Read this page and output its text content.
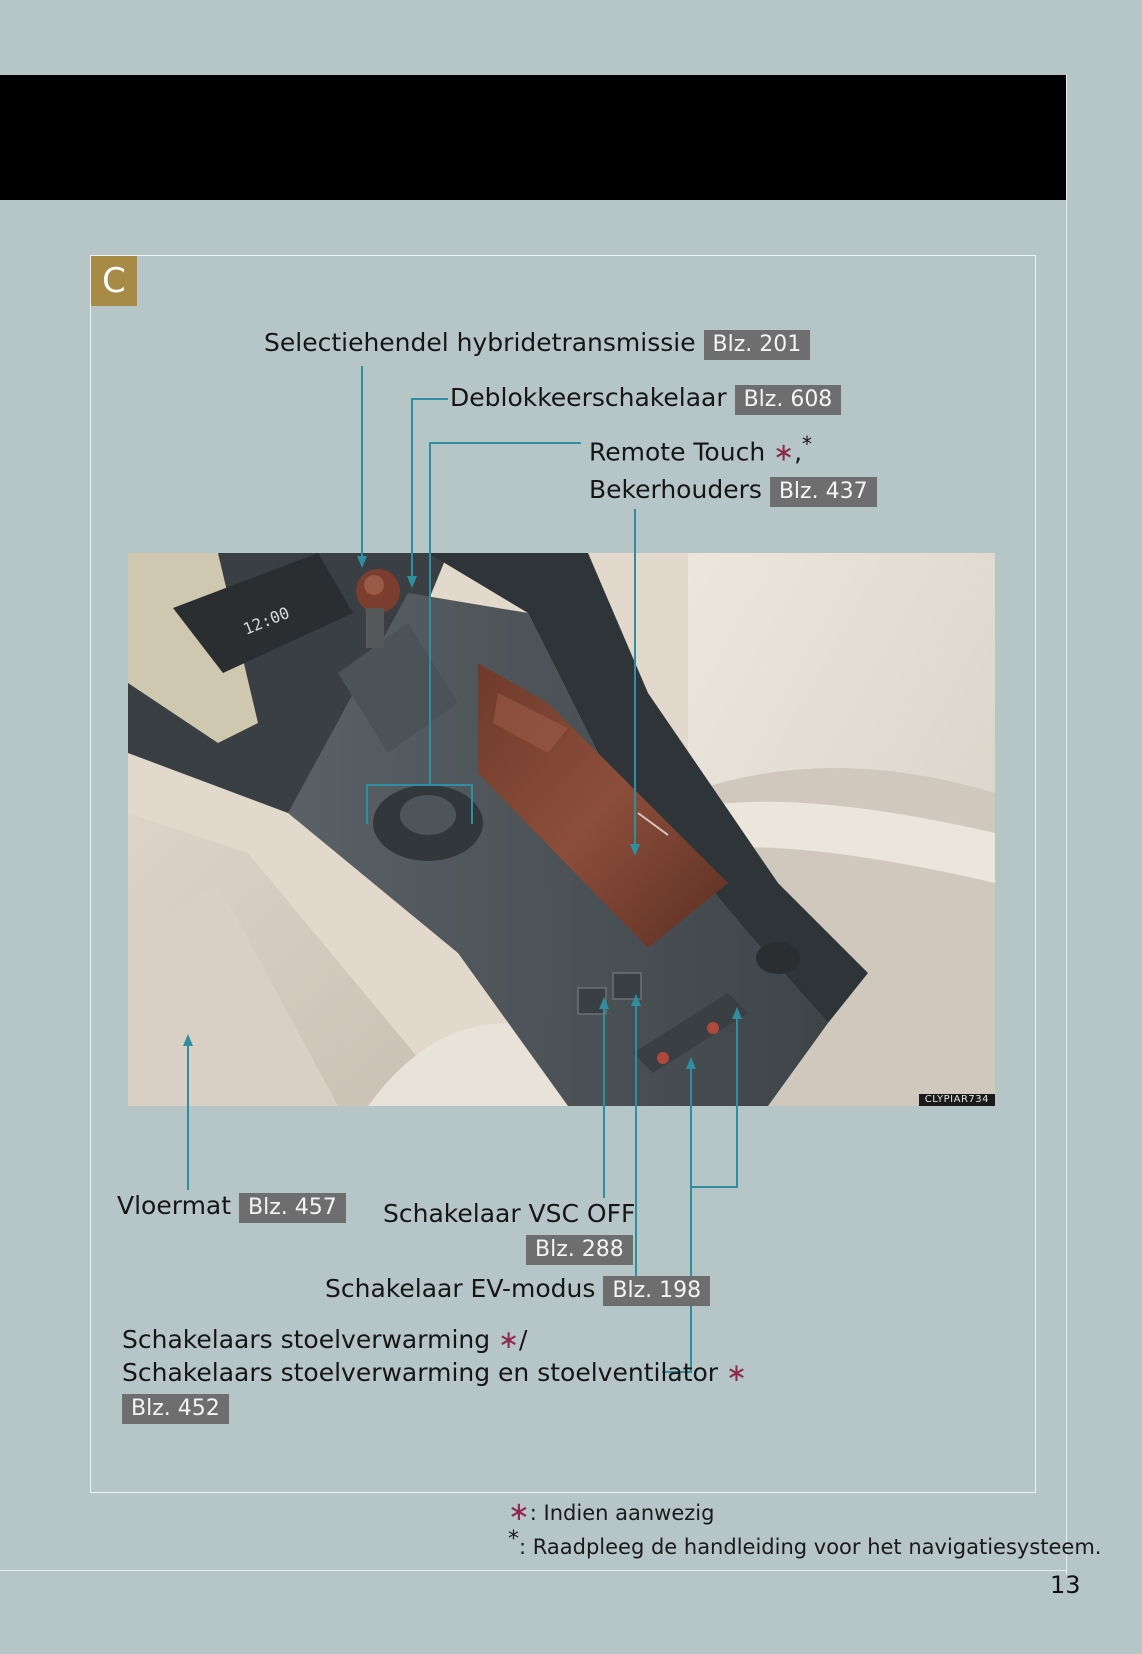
C
Selectiehendel hybridetransmissie Blz. 201
Deblokkeerschakelaar Blz. 608
Remote Touch ∗,*
Bekerhouders Blz. 437
12:00
CLYPIAR734
Vloermat Blz. 457	Schakelaar VSC OFF
Blz. 288
Schakelaar EV-modus Blz. 198
Schakelaars stoelverwarming ∗/
Schakelaars stoelverwarming en stoelventilator ∗
Blz. 452
∗: Indien aanwezig
*: Raadpleeg de handleiding voor het navigatiesysteem.
13
